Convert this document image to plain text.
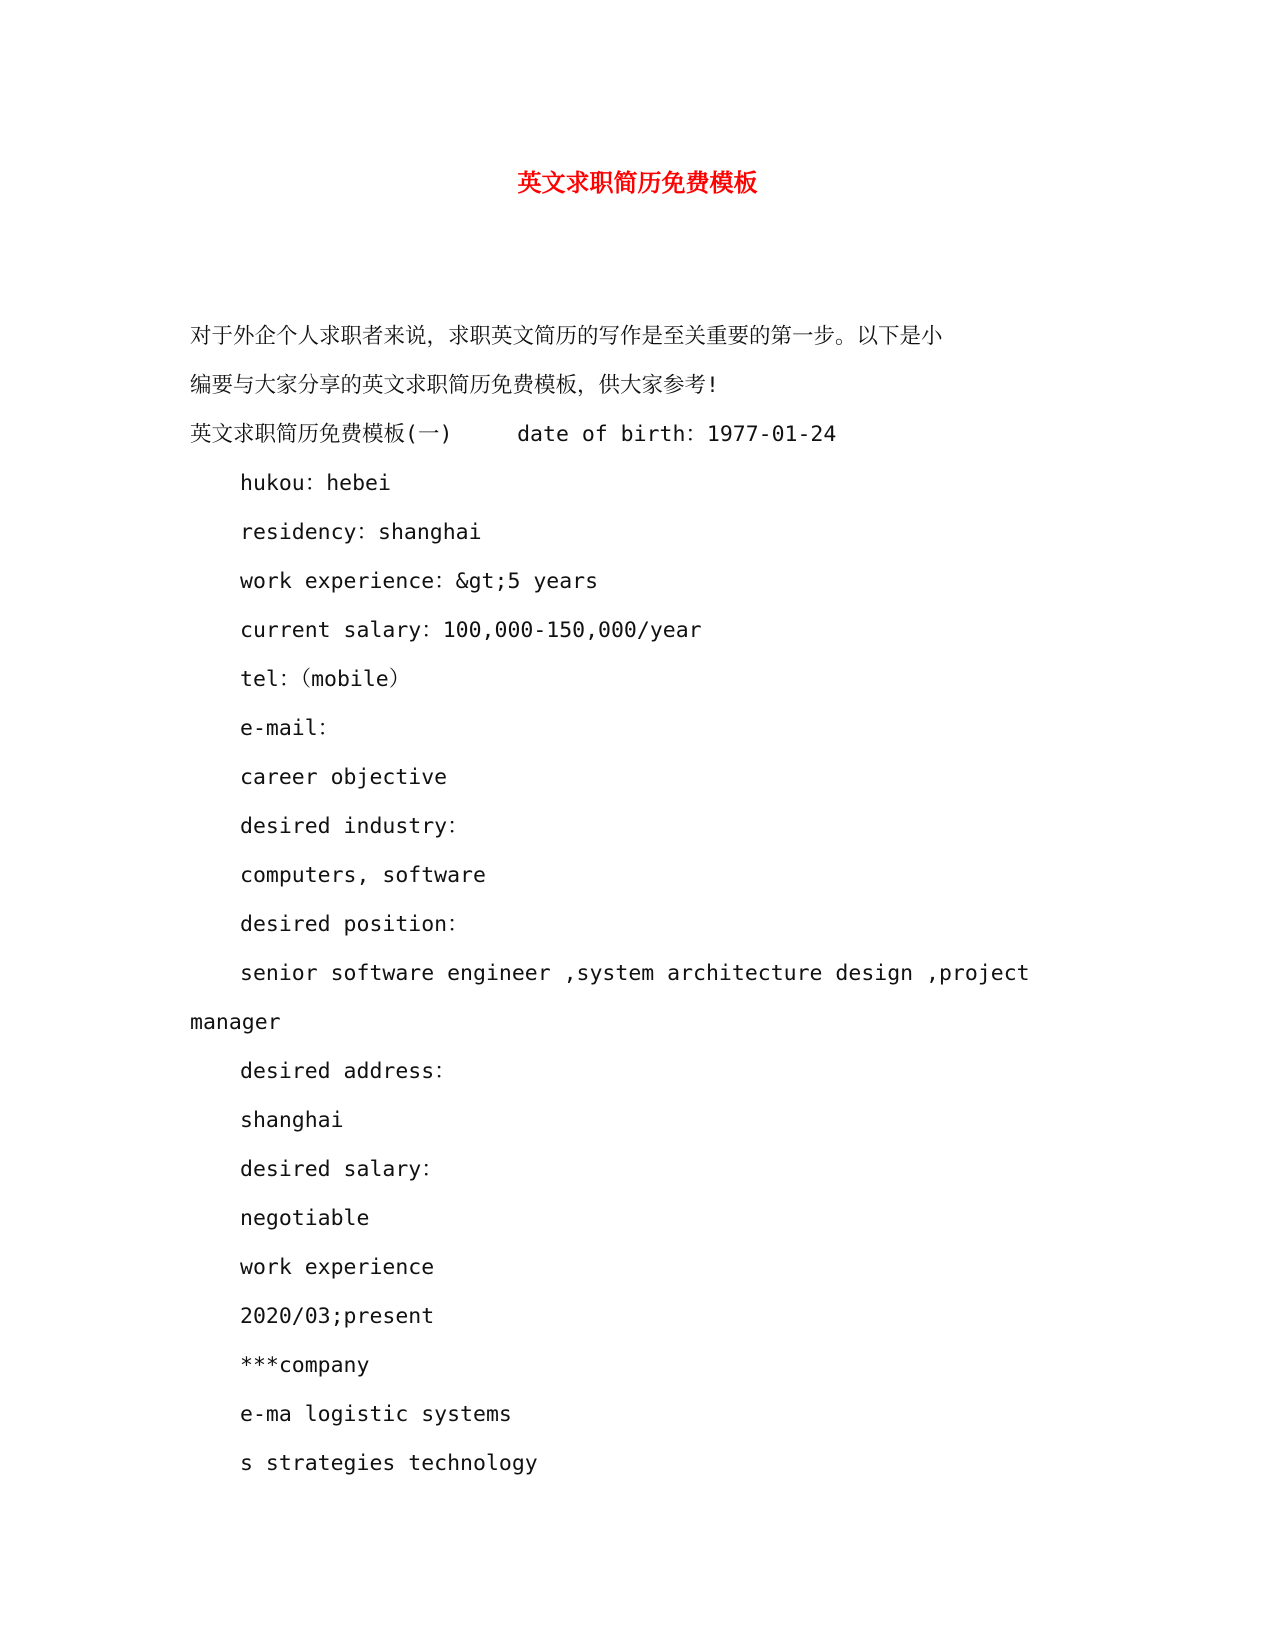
英文求职简历免费模板
对于外企个人求职者来说，求职英文简历的写作是至关重要的第一步。以下是小
编要与大家分享的英文求职简历免费模板，供大家参考!
英文求职简历免费模板(一)     date of birth：1977-01-24
hukou：hebei
residency：shanghai
work experience：&gt;5 years
current salary：100,000-150,000/year
tel：（mobile）
e-mail：
career objective
desired industry：
computers, software
desired position：
senior software engineer ,system architecture design ,project
manager
desired address：
shanghai
desired salary：
negotiable
work experience
2020/03;present
***company
e-ma logistic systems
s strategies technology
